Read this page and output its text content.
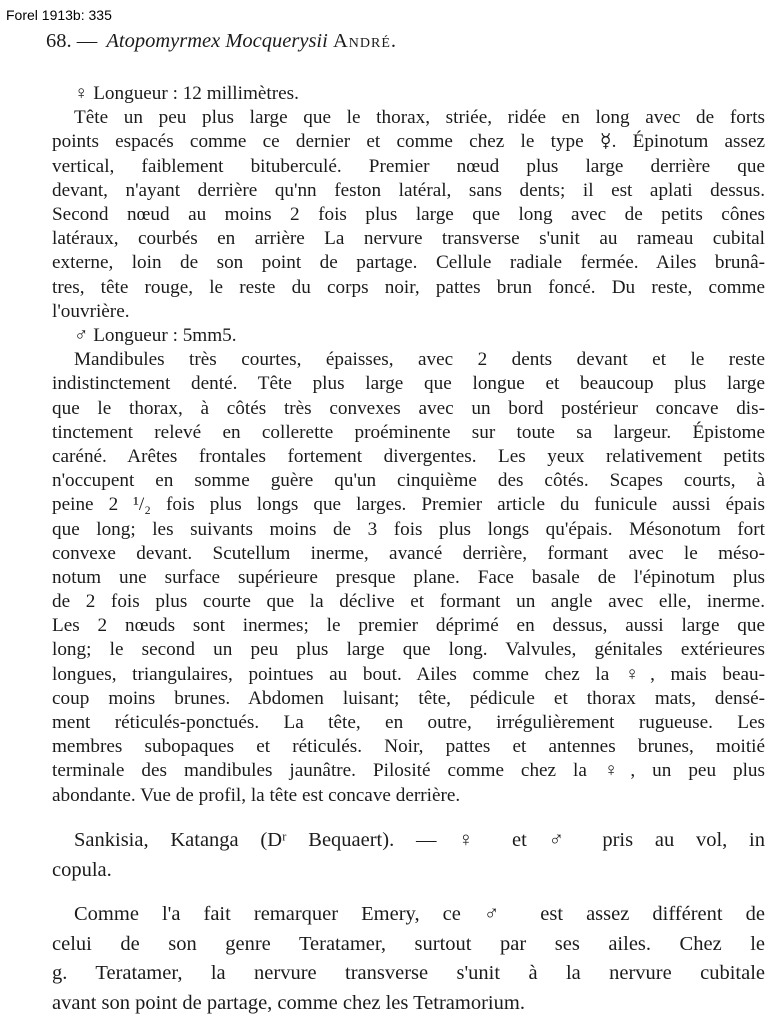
Forel 1913b: 335
68. — Atopomyrmex Mocquerysii André.
♀ Longueur : 12 millimètres.
Tête un peu plus large que le thorax, striée, ridée en long avec de forts
points espacés comme ce dernier et comme chez le type ☿. Épinotum assez
vertical, faiblement bituberculé. Premier nœud plus large derrière que
devant, n'ayant derrière qu'nn feston latéral, sans dents; il est aplati dessus.
Second nœud au moins 2 fois plus large que long avec de petits cônes
latéraux, courbés en arrière La nervure transverse s'unit au rameau cubital
externe, loin de son point de partage. Cellule radiale fermée. Ailes brunâ-
tres, tête rouge, le reste du corps noir, pattes brun foncé. Du reste, comme
l'ouvrière.
♂ Longueur : 5mm5.
Mandibules très courtes, épaisses, avec 2 dents devant et le reste
indistinctement denté. Tête plus large que longue et beaucoup plus large
que le thorax, à côtés très convexes avec un bord postérieur concave dis-
tinctement relevé en collerette proéminente sur toute sa largeur. Épistome
caréné. Arêtes frontales fortement divergentes. Les yeux relativement petits
n'occupent en somme guère qu'un cinquième des côtés. Scapes courts, à
peine 2 ¹/₂ fois plus longs que larges. Premier article du funicule aussi épais
que long; les suivants moins de 3 fois plus longs qu'épais. Mésonotum fort
convexe devant. Scutellum inerme, avancé derrière, formant avec le méso-
notum une surface supérieure presque plane. Face basale de l'épinotum plus
de 2 fois plus courte que la déclive et formant un angle avec elle, inerme.
Les 2 nœuds sont inermes; le premier déprimé en dessus, aussi large que
long; le second un peu plus large que long. Valvules, génitales extérieures
longues, triangulaires, pointues au bout. Ailes comme chez la ♀, mais beau-
coup moins brunes. Abdomen luisant; tête, pédicule et thorax mats, densé-
ment réticulés-ponctués. La tête, en outre, irrégulièrement rugueuse. Les
membres subopaques et réticulés. Noir, pattes et antennes brunes, moitié
terminale des mandibules jaunâtre. Pilosité comme chez la ♀, un peu plus
abondante. Vue de profil, la tête est concave derrière.
Sankisia, Katanga (Dʳ Bequaert). — ♀ et ♂ pris au vol, in
copula.
Comme l'a fait remarquer Emery, ce ♂ est assez différent de
celui de son genre Teratamer, surtout par ses ailes. Chez le
g. Teratamer, la nervure transverse s'unit à la nervure cubitale
avant son point de partage, comme chez les Tetramorium.
